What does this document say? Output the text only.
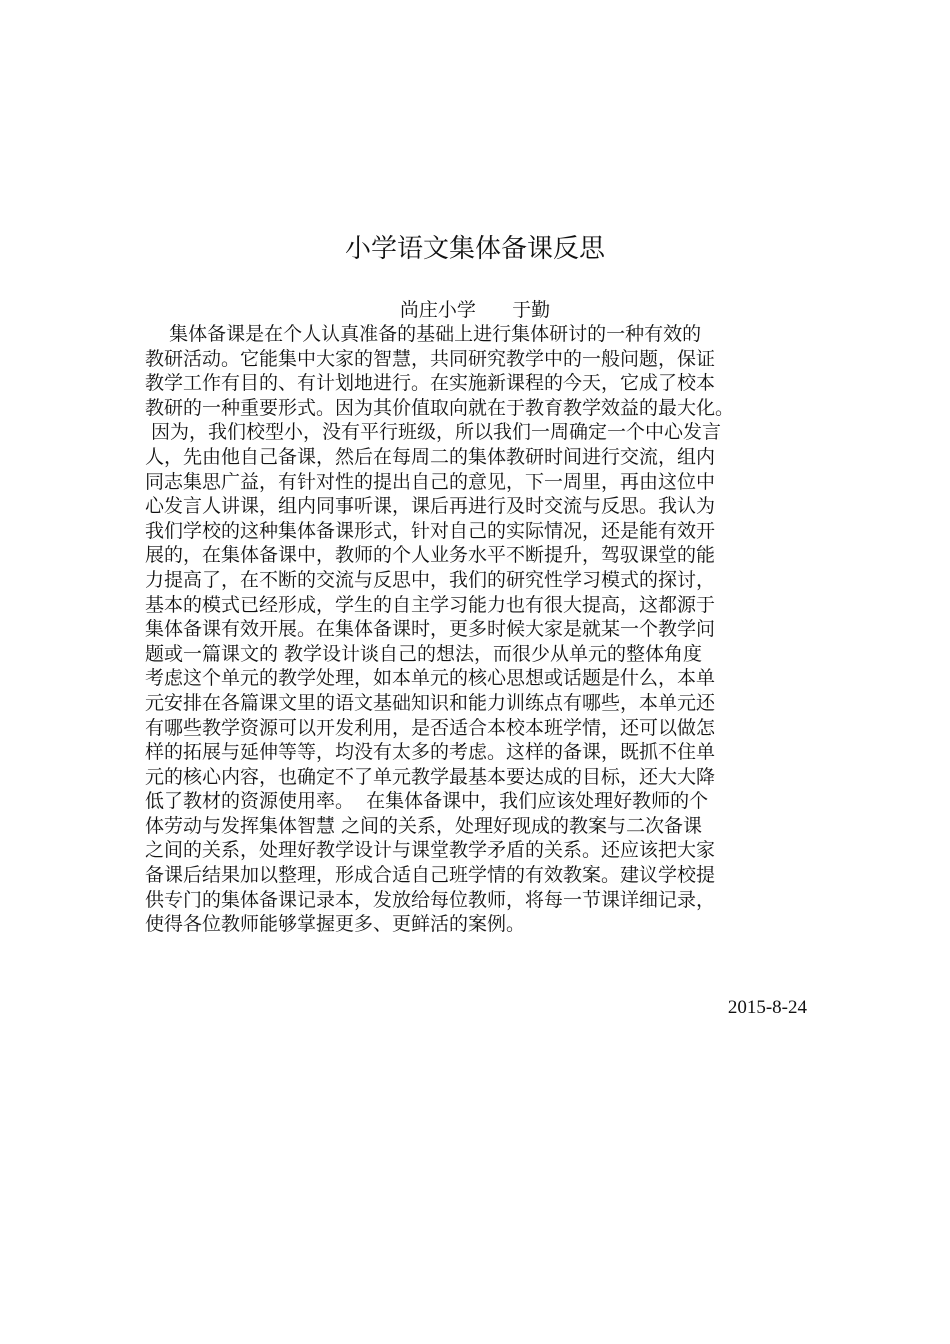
小学语文集体备课反思
尚庄小学      于勤
集体备课是在个人认真准备的基础上进行集体研讨的一种有效的
教研活动。它能集中大家的智慧，共同研究教学中的一般问题，保证
教学工作有目的、有计划地进行。在实施新课程的今天，它成了校本
教研的一种重要形式。因为其价值取向就在于教育教学效益的最大化。
因为，我们校型小，没有平行班级，所以我们一周确定一个中心发言
人，先由他自己备课，然后在每周二的集体教研时间进行交流，组内
同志集思广益，有针对性的提出自己的意见，下一周里，再由这位中
心发言人讲课，组内同事听课，课后再进行及时交流与反思。我认为
我们学校的这种集体备课形式，针对自己的实际情况，还是能有效开
展的，在集体备课中，教师的个人业务水平不断提升，驾驭课堂的能
力提高了，在不断的交流与反思中，我们的研究性学习模式的探讨，
基本的模式已经形成，学生的自主学习能力也有很大提高，这都源于
集体备课有效开展。在集体备课时，更多时候大家是就某一个教学问
题或一篇课文的 教学设计谈自己的想法，而很少从单元的整体角度
考虑这个单元的教学处理，如本单元的核心思想或话题是什么，本单
元安排在各篇课文里的语文基础知识和能力训练点有哪些，本单元还
有哪些教学资源可以开发利用，是否适合本校本班学情，还可以做怎
样的拓展与延伸等等，均没有太多的考虑。这样的备课，既抓不住单
元的核心内容，也确定不了单元教学最基本要达成的目标，还大大降
低了教材的资源使用率。  在集体备课中，我们应该处理好教师的个
体劳动与发挥集体智慧 之间的关系，处理好现成的教案与二次备课
之间的关系，处理好教学设计与课堂教学矛盾的关系。还应该把大家
备课后结果加以整理，形成合适自己班学情的有效教案。建议学校提
供专门的集体备课记录本，发放给每位教师，将每一节课详细记录，
使得各位教师能够掌握更多、更鲜活的案例。
2015-8-24
